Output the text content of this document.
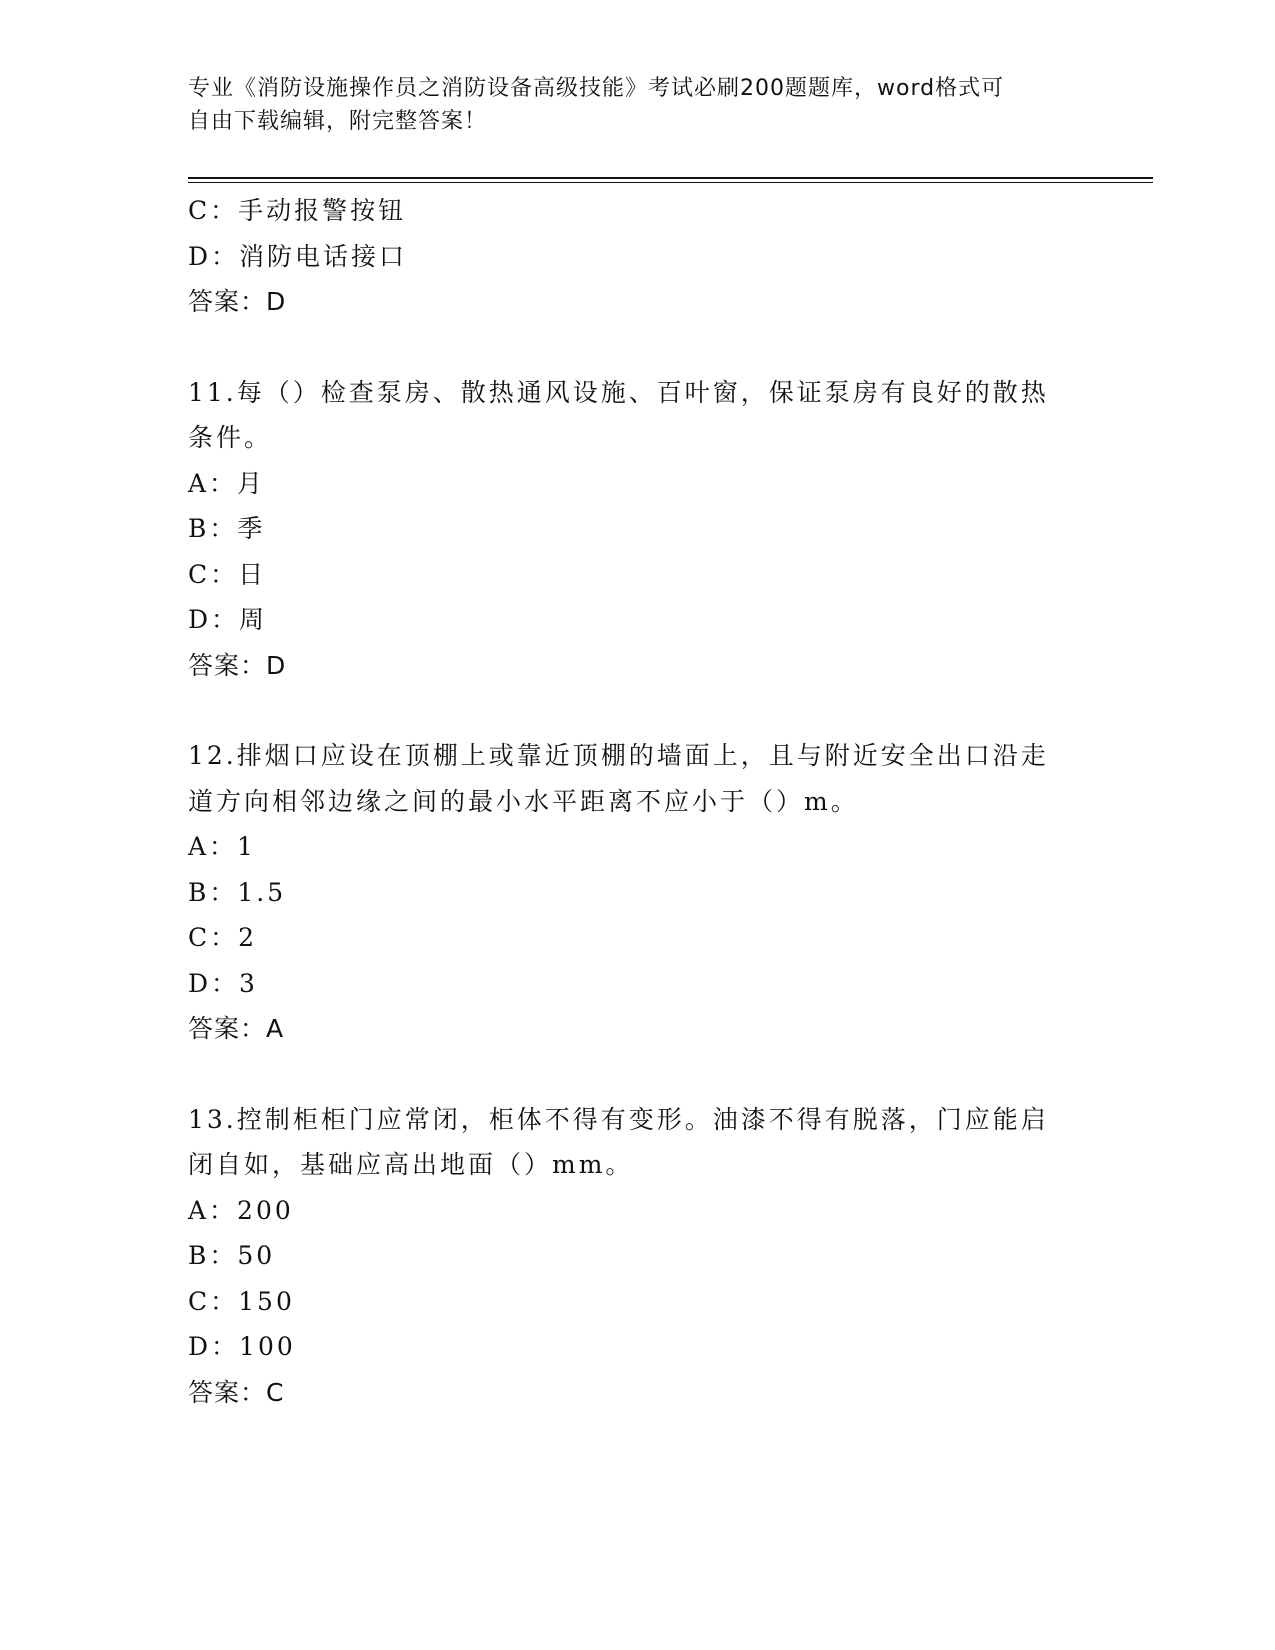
专业《消防设施操作员之消防设备高级技能》考试必刷200题题库，word格式可
自由下载编辑，附完整答案！
C：手动报警按钮
D：消防电话接口
答案：D
11.每（）检查泵房、散热通风设施、百叶窗，保证泵房有良好的散热
条件。
A：月
B：季
C：日
D：周
答案：D
12.排烟口应设在顶棚上或靠近顶棚的墙面上，且与附近安全出口沿走
道方向相邻边缘之间的最小水平距离不应小于（）m。
A：1
B：1.5
C：2
D：3
答案：A
13.控制柜柜门应常闭，柜体不得有变形。油漆不得有脱落，门应能启
闭自如，基础应高出地面（）mm。
A：200
B：50
C：150
D：100
答案：C
